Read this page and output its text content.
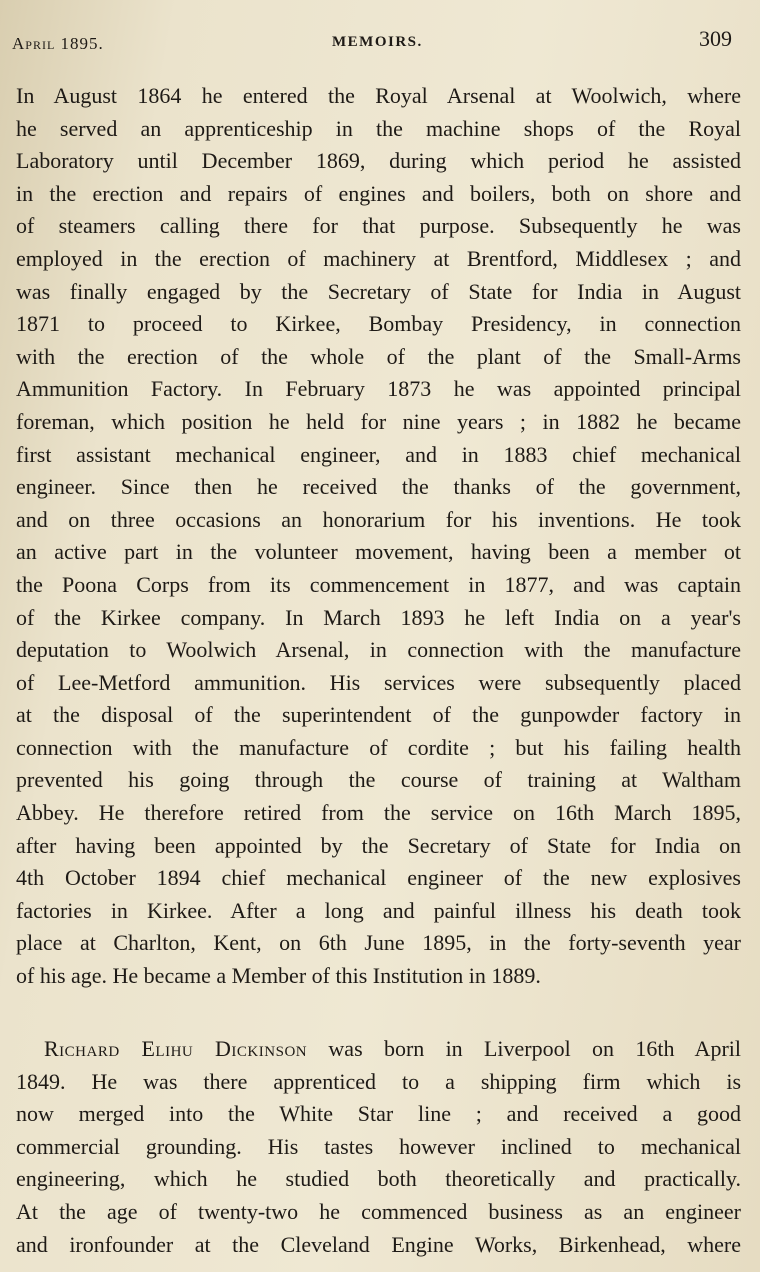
April 1895.	MEMOIRS.	309
In August 1864 he entered the Royal Arsenal at Woolwich, where
he served an apprenticeship in the machine shops of the Royal
Laboratory until December 1869, during which period he assisted
in the erection and repairs of engines and boilers, both on shore and
of steamers calling there for that purpose. Subsequently he was
employed in the erection of machinery at Brentford, Middlesex ; and
was finally engaged by the Secretary of State for India in August
1871 to proceed to Kirkee, Bombay Presidency, in connection
with the erection of the whole of the plant of the Small-Arms
Ammunition Factory. In February 1873 he was appointed principal
foreman, which position he held for nine years ; in 1882 he became
first assistant mechanical engineer, and in 1883 chief mechanical
engineer. Since then he received the thanks of the government,
and on three occasions an honorarium for his inventions. He took
an active part in the volunteer movement, having been a member ot
the Poona Corps from its commencement in 1877, and was captain
of the Kirkee company. In March 1893 he left India on a year's
deputation to Woolwich Arsenal, in connection with the manufacture
of Lee-Metford ammunition. His services were subsequently placed
at the disposal of the superintendent of the gunpowder factory in
connection with the manufacture of cordite ; but his failing health
prevented his going through the course of training at Waltham
Abbey. He therefore retired from the service on 16th March 1895,
after having been appointed by the Secretary of State for India on
4th October 1894 chief mechanical engineer of the new explosives
factories in Kirkee. After a long and painful illness his death took
place at Charlton, Kent, on 6th June 1895, in the forty-seventh year
of his age. He became a Member of this Institution in 1889.
Richard Elihu Dickinson was born in Liverpool on 16th April
1849. He was there apprenticed to a shipping firm which is
now merged into the White Star line ; and received a good
commercial grounding. His tastes however inclined to mechanical
engineering, which he studied both theoretically and practically.
At the age of twenty-two he commenced business as an engineer
and ironfounder at the Cleveland Engine Works, Birkenhead, where
